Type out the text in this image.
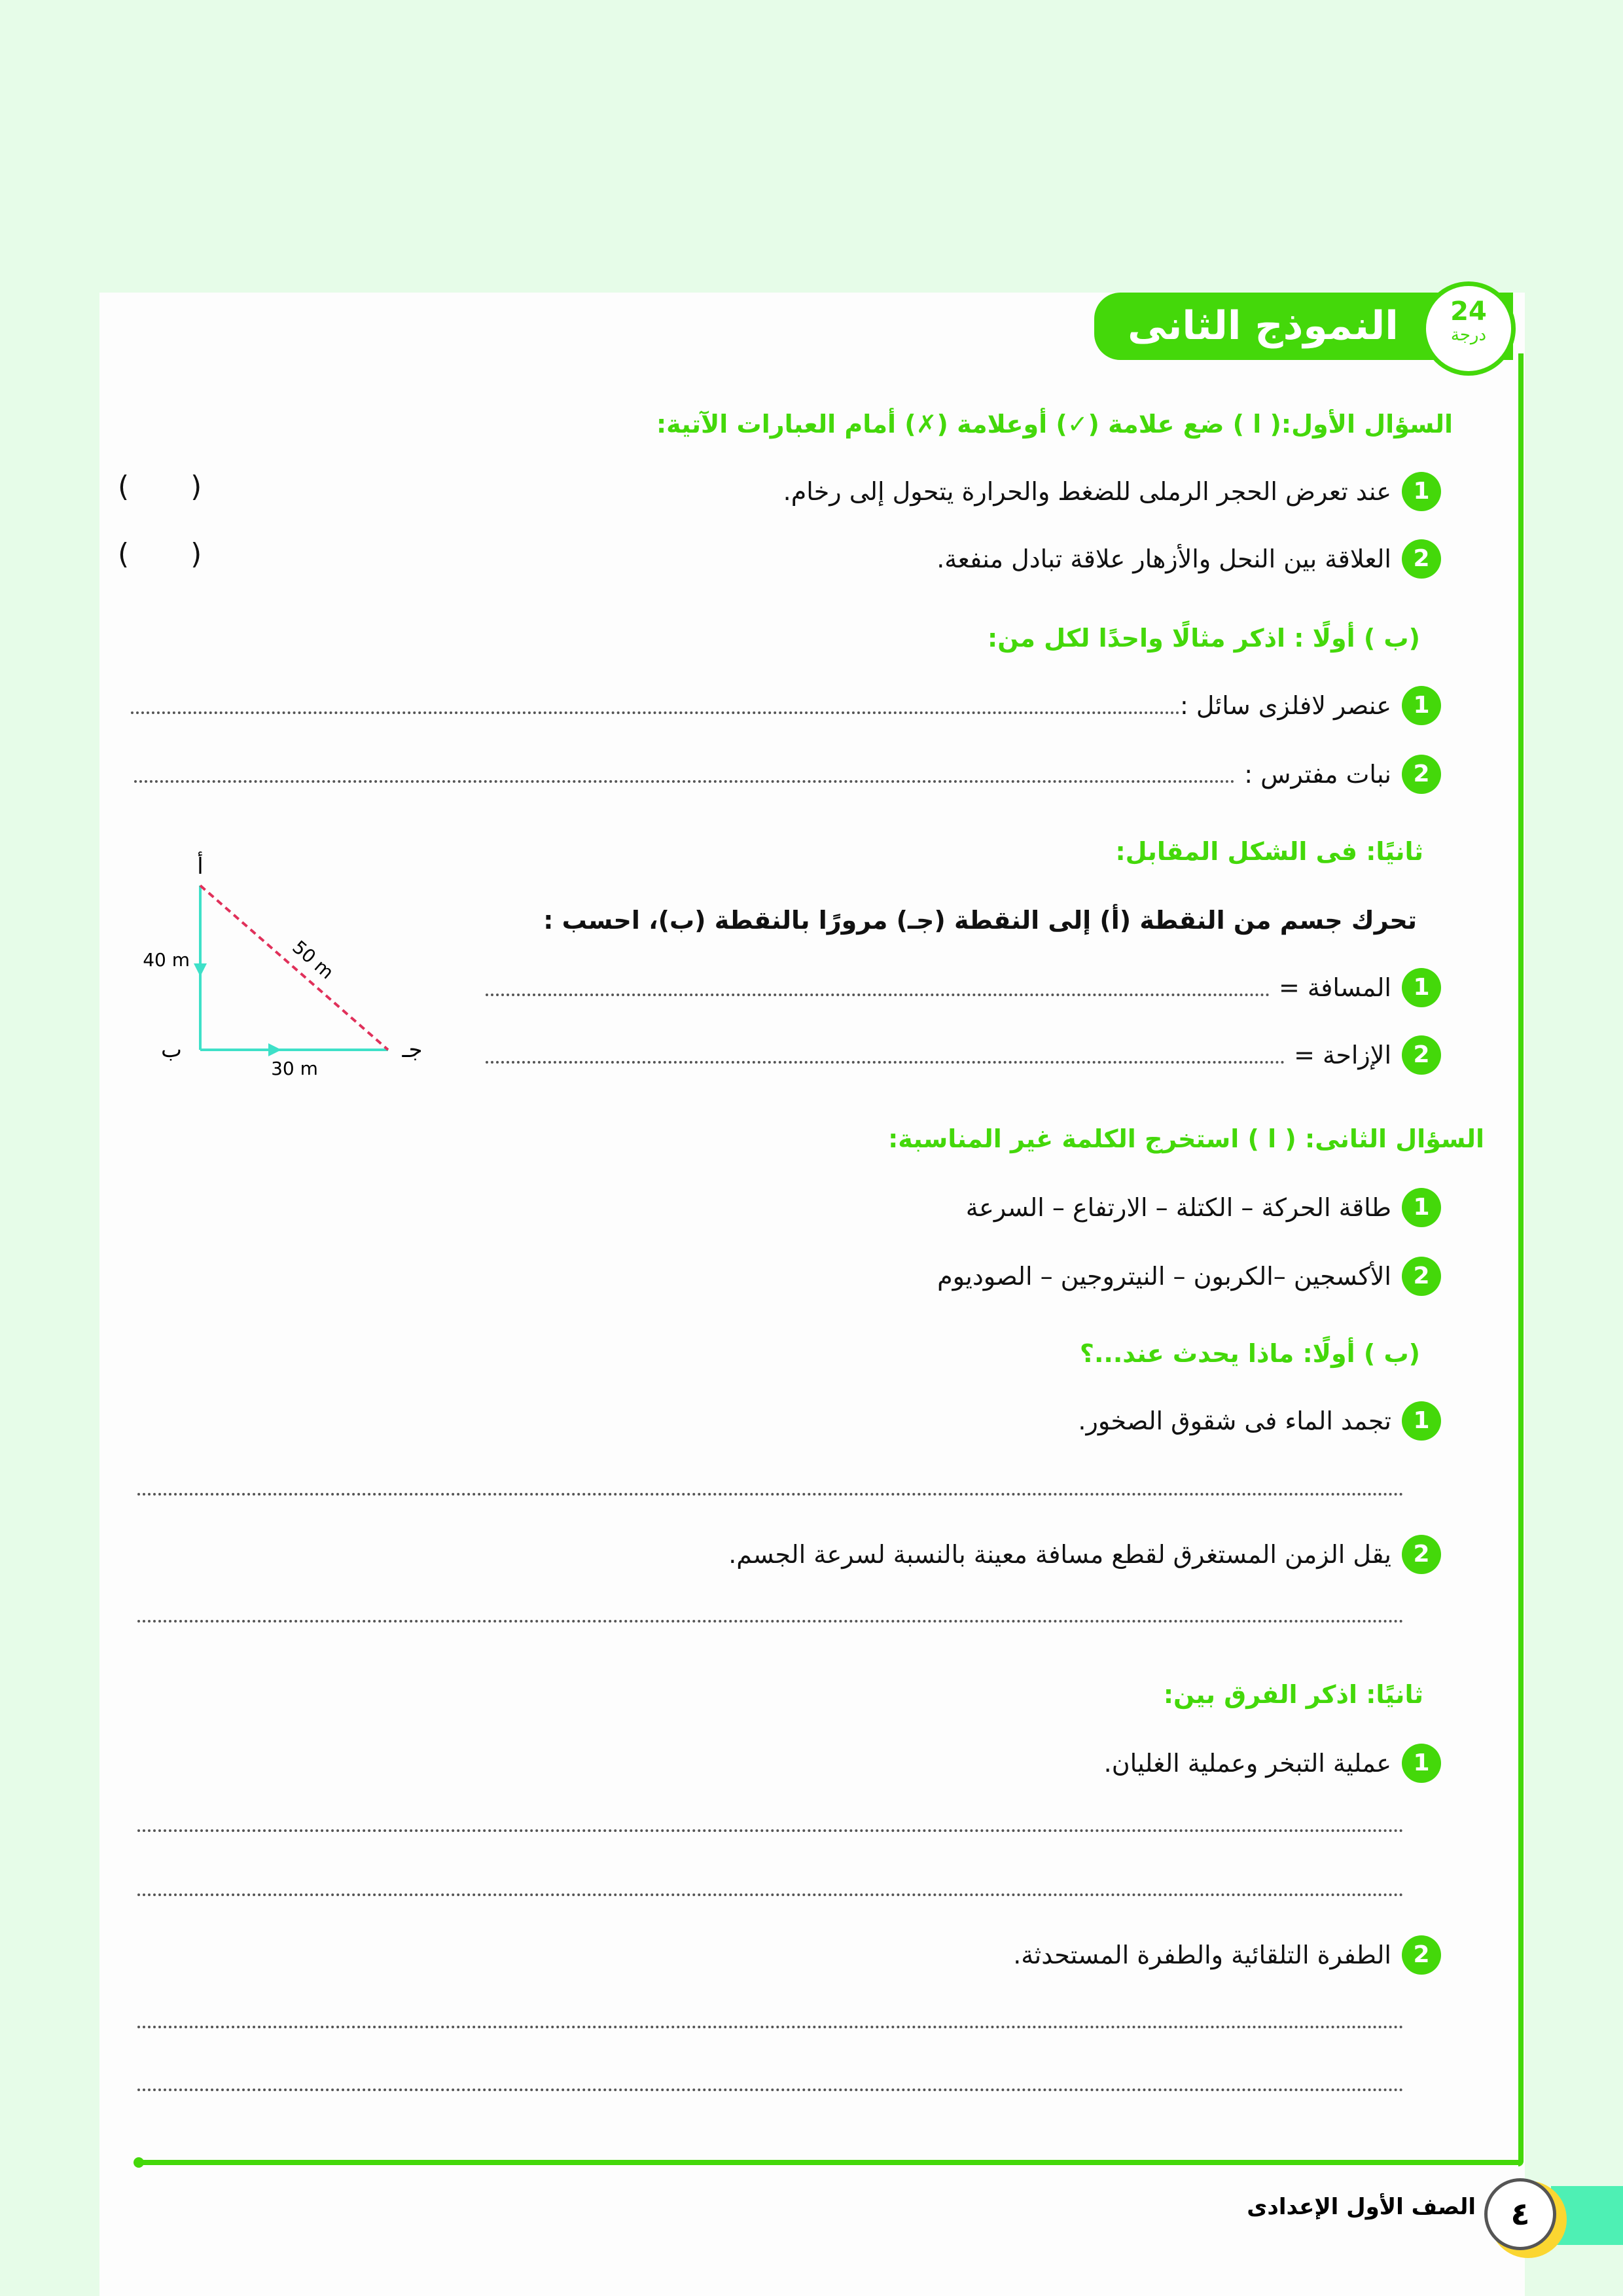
النموذج الثانى	24
درجة
السؤال الأول:( ا ) ضع علامة (✓) أوعلامة (✗) أمام العبارات الآتية:
1
عند تعرض الحجر الرملى للضغط والحرارة يتحول إلى رخام.
( )
2
العلاقة بين النحل والأزهار علاقة تبادل منفعة.
( )
(ب ) أولًا : اذكر مثالًا واحدًا لكل من:
1
عنصر لافلزى سائل :
2
نبات مفترس :
ثانيًا: فى الشكل المقابل:
تحرك جسم من النقطة (أ) إلى النقطة (جـ) مرورًا بالنقطة (ب)، احسب :
1
المسافة =
2
الإزاحة =
أ
ب	جـ
40 m
30 m
50 m
السؤال الثانى: ( ا ) استخرج الكلمة غير المناسبة:
1
طاقة الحركة – الكتلة – الارتفاع – السرعة
2
الأكسجين –الكربون – النيتروجين – الصوديوم
(ب ) أولًا: ماذا يحدث عند...؟
1
تجمد الماء فى شقوق الصخور.
2
يقل الزمن المستغرق لقطع مسافة معينة بالنسبة لسرعة الجسم.
ثانيًا: اذكر الفرق بين:
1
عملية التبخر وعملية الغليان.
2
الطفرة التلقائية والطفرة المستحدثة.
٤
الصف الأول الإعدادى
